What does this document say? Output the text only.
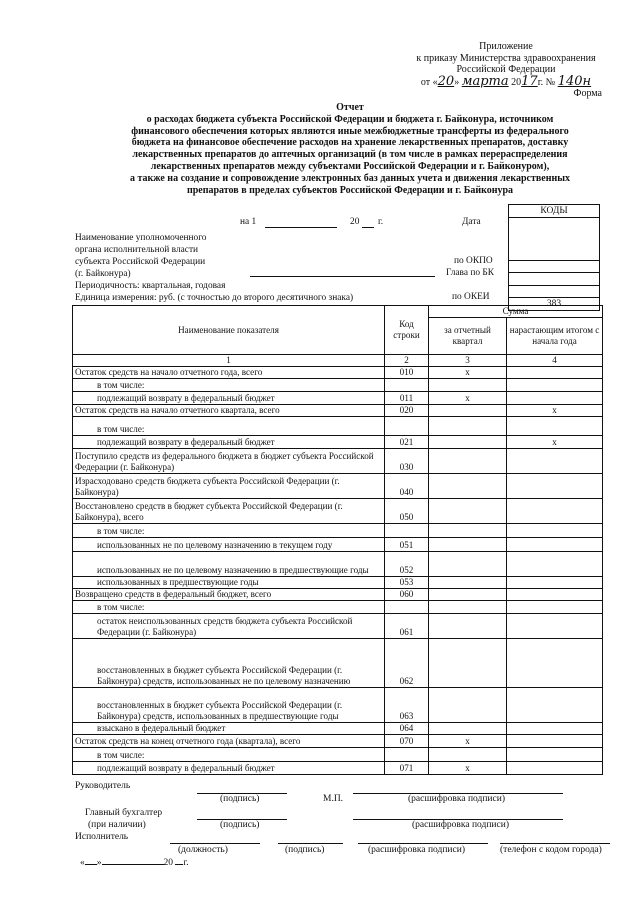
Приложение
к приказу Министерства здравоохранения
Российской Федерации
от «20» марта 2017г. № 140н
Форма
Отчет
о расходах бюджета субъекта Российской Федерации и бюджета г. Байконура, источником
финансового обеспечения которых являются иные межбюджетные трансферты из федерального
бюджета на финансовое обеспечение расходов на хранение лекарственных препаратов, доставку
лекарственных препаратов до аптечных организаций (в том числе в рамках перераспределения
лекарственных препаратов между субъектами Российской Федерации и г. Байконуром),
а также на создание и сопровождение электронных баз данных учета и движения лекарственных
препаратов в пределах субъектов Российской Федерации и г. Байконура
КОДЫ

383
на 1	20 г.	Дата
Наименование уполномоченного
органа исполнительной власти
субъекта Российской Федерации
(г. Байконура)
по ОКПО
Глава по БК
Периодичность: квартальная, годовая
Единица измерения: руб. (с точностью до второго десятичного знака)	по ОКЕИ
Наименование показателя	Код строки	Сумма	
		за отчетный квартал	нарастающим итогом с начала года
1	2	3	4
Остаток средств на начало отчетного года, всего	010	x	
в том числе:			
подлежащий возврату в федеральный бюджет	011	x	
Остаток средств на начало отчетного квартала, всего	020		x
в том числе:			
подлежащий возврату в федеральный бюджет	021		x
Поступило средств из федерального бюджета в бюджет субъекта Российской Федерации (г. Байконура)	030		
Израсходовано средств бюджета субъекта Российской Федерации (г. Байконура)	040		
Восстановлено средств в бюджет субъекта Российской Федерации (г. Байконура), всего	050		
в том числе:			
использованных не по целевому назначению в текущем году	051		
использованных не по целевому назначению в предшествующие годы	052		
использованных в предшествующие годы	053		
Возвращено средств в федеральный бюджет, всего	060		
в том числе:			
остаток неиспользованных средств бюджета субъекта Российской Федерации (г. Байконура)	061		
восстановленных в бюджет субъекта Российской Федерации (г. Байконура) средств, использованных не по целевому назначению	062		
восстановленных в бюджет субъекта Российской Федерации (г. Байконура) средств, использованных в предшествующие годы	063		
взыскано в федеральный бюджет	064		
Остаток средств на конец отчетного года (квартала), всего	070	x	
в том числе:			
подлежащий возврату в федеральный бюджет	071	x	
Руководитель
(подпись)	М.П.	(расшифровка подписи)
Главный бухгалтер
(при наличии)	(подпись)	(расшифровка подписи)
Исполнитель
(должность)	(подпись)	(расшифровка подписи)	(телефон с кодом города)
« »	20 г.
